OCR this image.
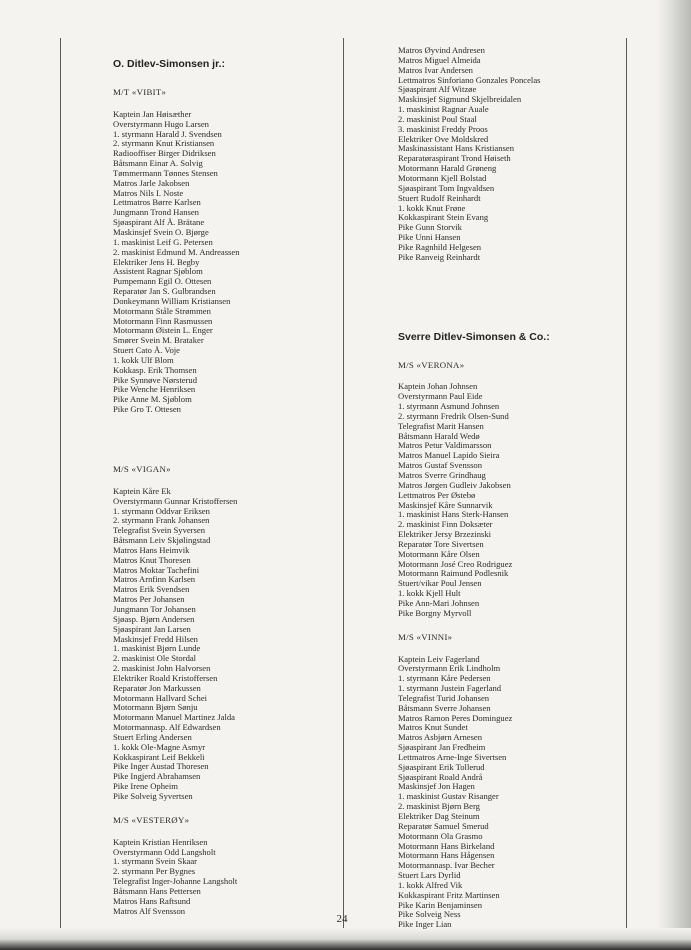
O. Ditlev-Simonsen jr.:
M/T «VIBIT»
Kaptein Jan Høisæther
Overstyrmann Hugo Larsen
1. styrmann Harald J. Svendsen
2. styrmann Knut Kristiansen
Radiooffiser Birger Didriksen
Båtsmann Einar A. Solvig
Tømmermann Tønnes Stensen
Matros Jarle Jakobsen
Matros Nils I. Noste
Lettmatros Børre Karlsen
Jungmann Trond Hansen
Sjøaspirant Alf Å. Brätane
Maskinsjef Svein O. Bjørge
1. maskinist Leif G. Petersen
2. maskinist Edmund M. Andreassen
Elektriker Jens H. Begby
Assistent Ragnar Sjøblom
Pumpemann Egil O. Ottesen
Reparatør Jan S. Gulbrandsen
Donkeymann William Kristiansen
Motormann Ståle Strømmen
Motormann Finn Rasmussen
Motormann Øistein L. Enger
Smører Svein M. Brataker
Stuert Cato Å. Voje
1. kokk Ulf Blom
Kokkasp. Erik Thomsen
Pike Synnøve Nørsterud
Pike Wenche Henriksen
Pike Anne M. Sjøblom
Pike Gro T. Ottesen
M/S «VIGAN»
Kaptein Kåre Ek
Overstyrmann Gunnar Kristoffersen
1. styrmann Oddvar Eriksen
2. styrmann Frank Johansen
Telegrafist Svein Syversen
Båtsmann Leiv Skjølingstad
Matros Hans Heimvik
Matros Knut Thoresen
Matros Moktar Tachefini
Matros Arnfinn Karlsen
Matros Erik Svendsen
Matros Per Johansen
Jungmann Tor Johansen
Sjøasp. Bjørn Andersen
Sjøaspirant Jan Larsen
Maskinsjef Fredd Hilsen
1. maskinist Bjørn Lunde
2. maskinist Ole Stordal
2. maskinist John Halvorsen
Elektriker Roald Kristoffersen
Reparatør Jon Markussen
Motormann Hallvard Schei
Motormann Bjørn Sønju
Motormann Manuel Martinez Jalda
Motormannasp. Alf Edwardsen
Stuert Erling Andersen
1. kokk Ole-Magne Asmyr
Kokkaspirant Leif Bekkeli
Pike Inger Austad Thoresen
Pike Ingjerd Abrahamsen
Pike Irene Opheim
Pike Solveig Syvertsen
M/S «VESTERØY»
Kaptein Kristian Henriksen
Overstyrmann Odd Langsholt
1. styrmann Svein Skaar
2. styrmann Per Bygnes
Telegrafist Inger-Johanne Langsholt
Båtsmann Hans Pettersen
Matros Hans Raftsund
Matros Alf Svensson
Matros Øyvind Andresen
Matros Miguel Almeida
Matros Ivar Andersen
Lettmatros Sinforiano Gonzales Poncelas
Sjøaspirant Alf Witzøe
Maskinsjef Sigmund Skjelbreidalen
1. maskinist Ragnar Auale
2. maskinist Poul Staal
3. maskinist Freddy Proos
Elektriker Ove Moldskred
Maskinassistant Hans Kristiansen
Reparatøraspirant Trond Høiseth
Motormann Harald Grøneng
Motormann Kjell Bolstad
Sjøaspirant Tom Ingvaldsen
Stuert Rudolf Reinhardt
1. kokk Knut Frøne
Kokkaspirant Stein Evang
Pike Gunn Storvik
Pike Unni Hansen
Pike Ragnhild Helgesen
Pike Ranveig Reinhardt
Sverre Ditlev-Simonsen & Co.:
M/S «VERONA»
Kaptein Johan Johnsen
Overstyrmann Paul Eide
1. styrmann Asmund Johnsen
2. styrmann Fredrik Olsen-Sund
Telegrafist Marit Hansen
Båtsmann Harald Wedø
Matros Petur Valdimarsson
Matros Manuel Lapido Sieira
Matros Gustaf Svensson
Matros Sverre Grindhaug
Matros Jørgen Gudleiv Jakobsen
Lettmatros Per Østebø
Maskinsjef Kåre Sunnarvik
1. maskinist Hans Sterk-Hansen
2. maskinist Finn Doksæter
Elektriker Jersy Brzezinski
Reparatør Tore Sivertsen
Motormann Kåre Olsen
Motormann José Creo Rodriguez
Motormann Raimund Podlesnik
Stuert/vikar Poul Jensen
1. kokk Kjell Hult
Pike Ann-Mari Johnsen
Pike Borgny Myrvoll
M/S «VINNI»
Kaptein Leiv Fagerland
Overstyrmann Erik Lindholm
1. styrmann Kåre Pedersen
1. styrmann Justein Fagerland
Telegrafist Turid Johansen
Båtsmann Sverre Johansen
Matros Ramon Peres Dominguez
Matros Knut Sundet
Matros Asbjørn Arnesen
Sjøaspirant Jan Fredheim
Lettmatros Arne-Inge Sivertsen
Sjøaspirant Erik Tollerud
Sjøaspirant Roald Andrå
Maskinsjef Jon Hagen
1. maskinist Gustav Risanger
2. maskinist Bjørn Berg
Elektriker Dag Steinum
Reparatør Samuel Smerud
Motormann Ola Grasmo
Motormann Hans Birkeland
Motormann Hans Hågensen
Motormannasp. Ivar Becher
Stuert Lars Dyrlid
1. kokk Alfred Vik
Kokkaspirant Fritz Martinsen
Pike Karin Benjaminsen
Pike Solveig Ness
Pike Inger Lian
24
